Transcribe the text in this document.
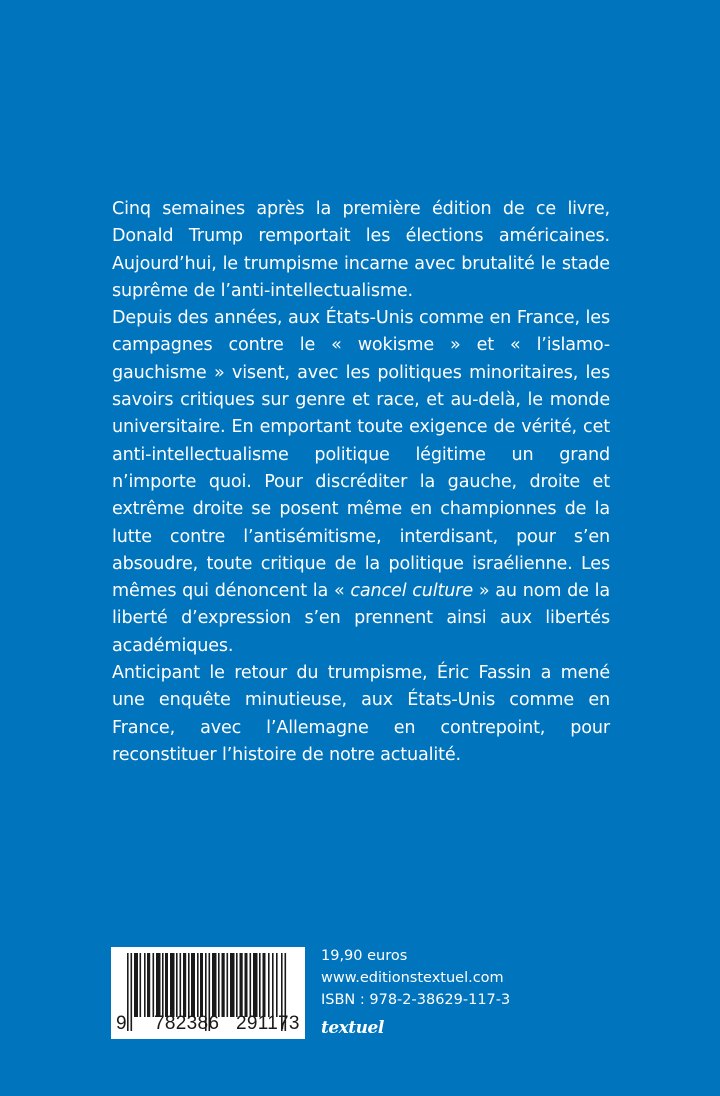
Cinq semaines après la première édition de ce livre, Donald Trump remportait les élections américaines. Aujourd’hui, le trumpisme incarne avec brutalité le stade suprême de l’anti-intellectualisme.

Depuis des années, aux États-Unis comme en France, les campagnes contre le « wokisme » et « l’islamo-gauchisme » visent, avec les politiques minoritaires, les savoirs critiques sur genre et race, et au-delà, le monde universitaire. En emportant toute exigence de vérité, cet anti-intellectualisme politique légitime un grand n’importe quoi. Pour discréditer la gauche, droite et extrême droite se posent même en championnes de la lutte contre l’antisémitisme, interdisant, pour s’en absoudre, toute critique de la politique israélienne. Les mêmes qui dénoncent la « cancel culture » au nom de la liberté d’expression s’en prennent ainsi aux libertés académiques.

Anticipant le retour du trumpisme, Éric Fassin a mené une enquête minutieuse, aux États-Unis comme en France, avec l’Allemagne en contrepoint, pour reconstituer l’histoire de notre actualité.

9 782386 291173
19,90 euros
www.editionstextuel.com
ISBN : 978-2-38629-117-3
textuel
